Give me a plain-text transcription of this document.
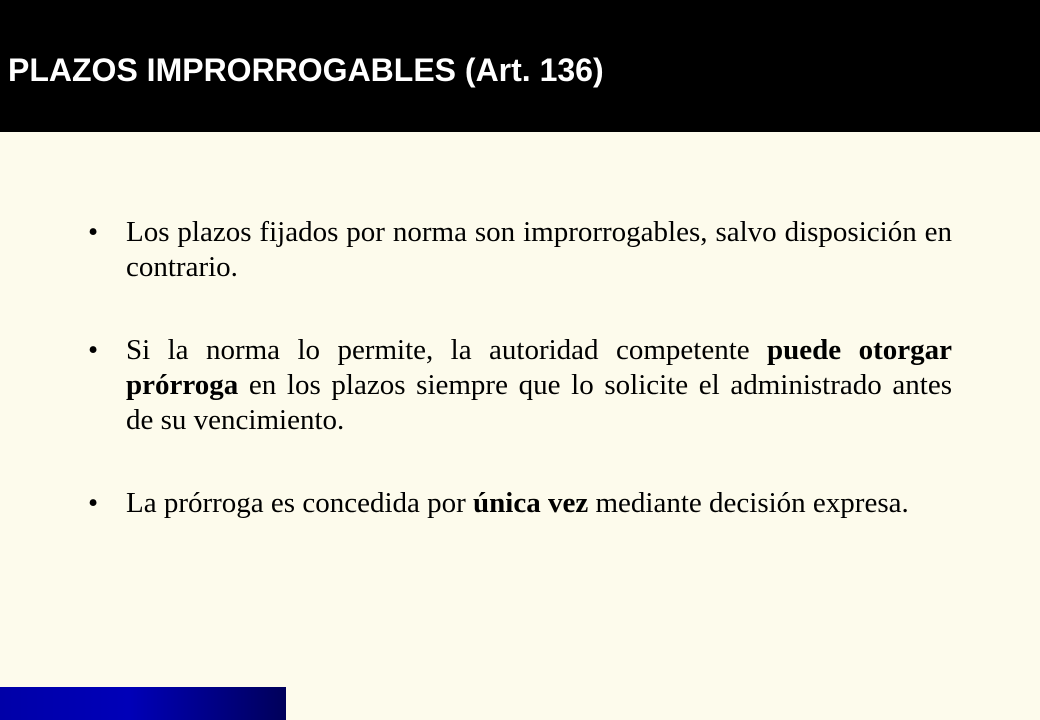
PLAZOS IMPRORROGABLES (Art. 136)
• Los plazos fijados por norma son improrrogables, salvo disposición en contrario.
• Si la norma lo permite, la autoridad competente puede otorgar prórroga en los plazos siempre que lo solicite el administrado antes de su vencimiento.
• La prórroga es concedida por única vez mediante decisión expresa.
